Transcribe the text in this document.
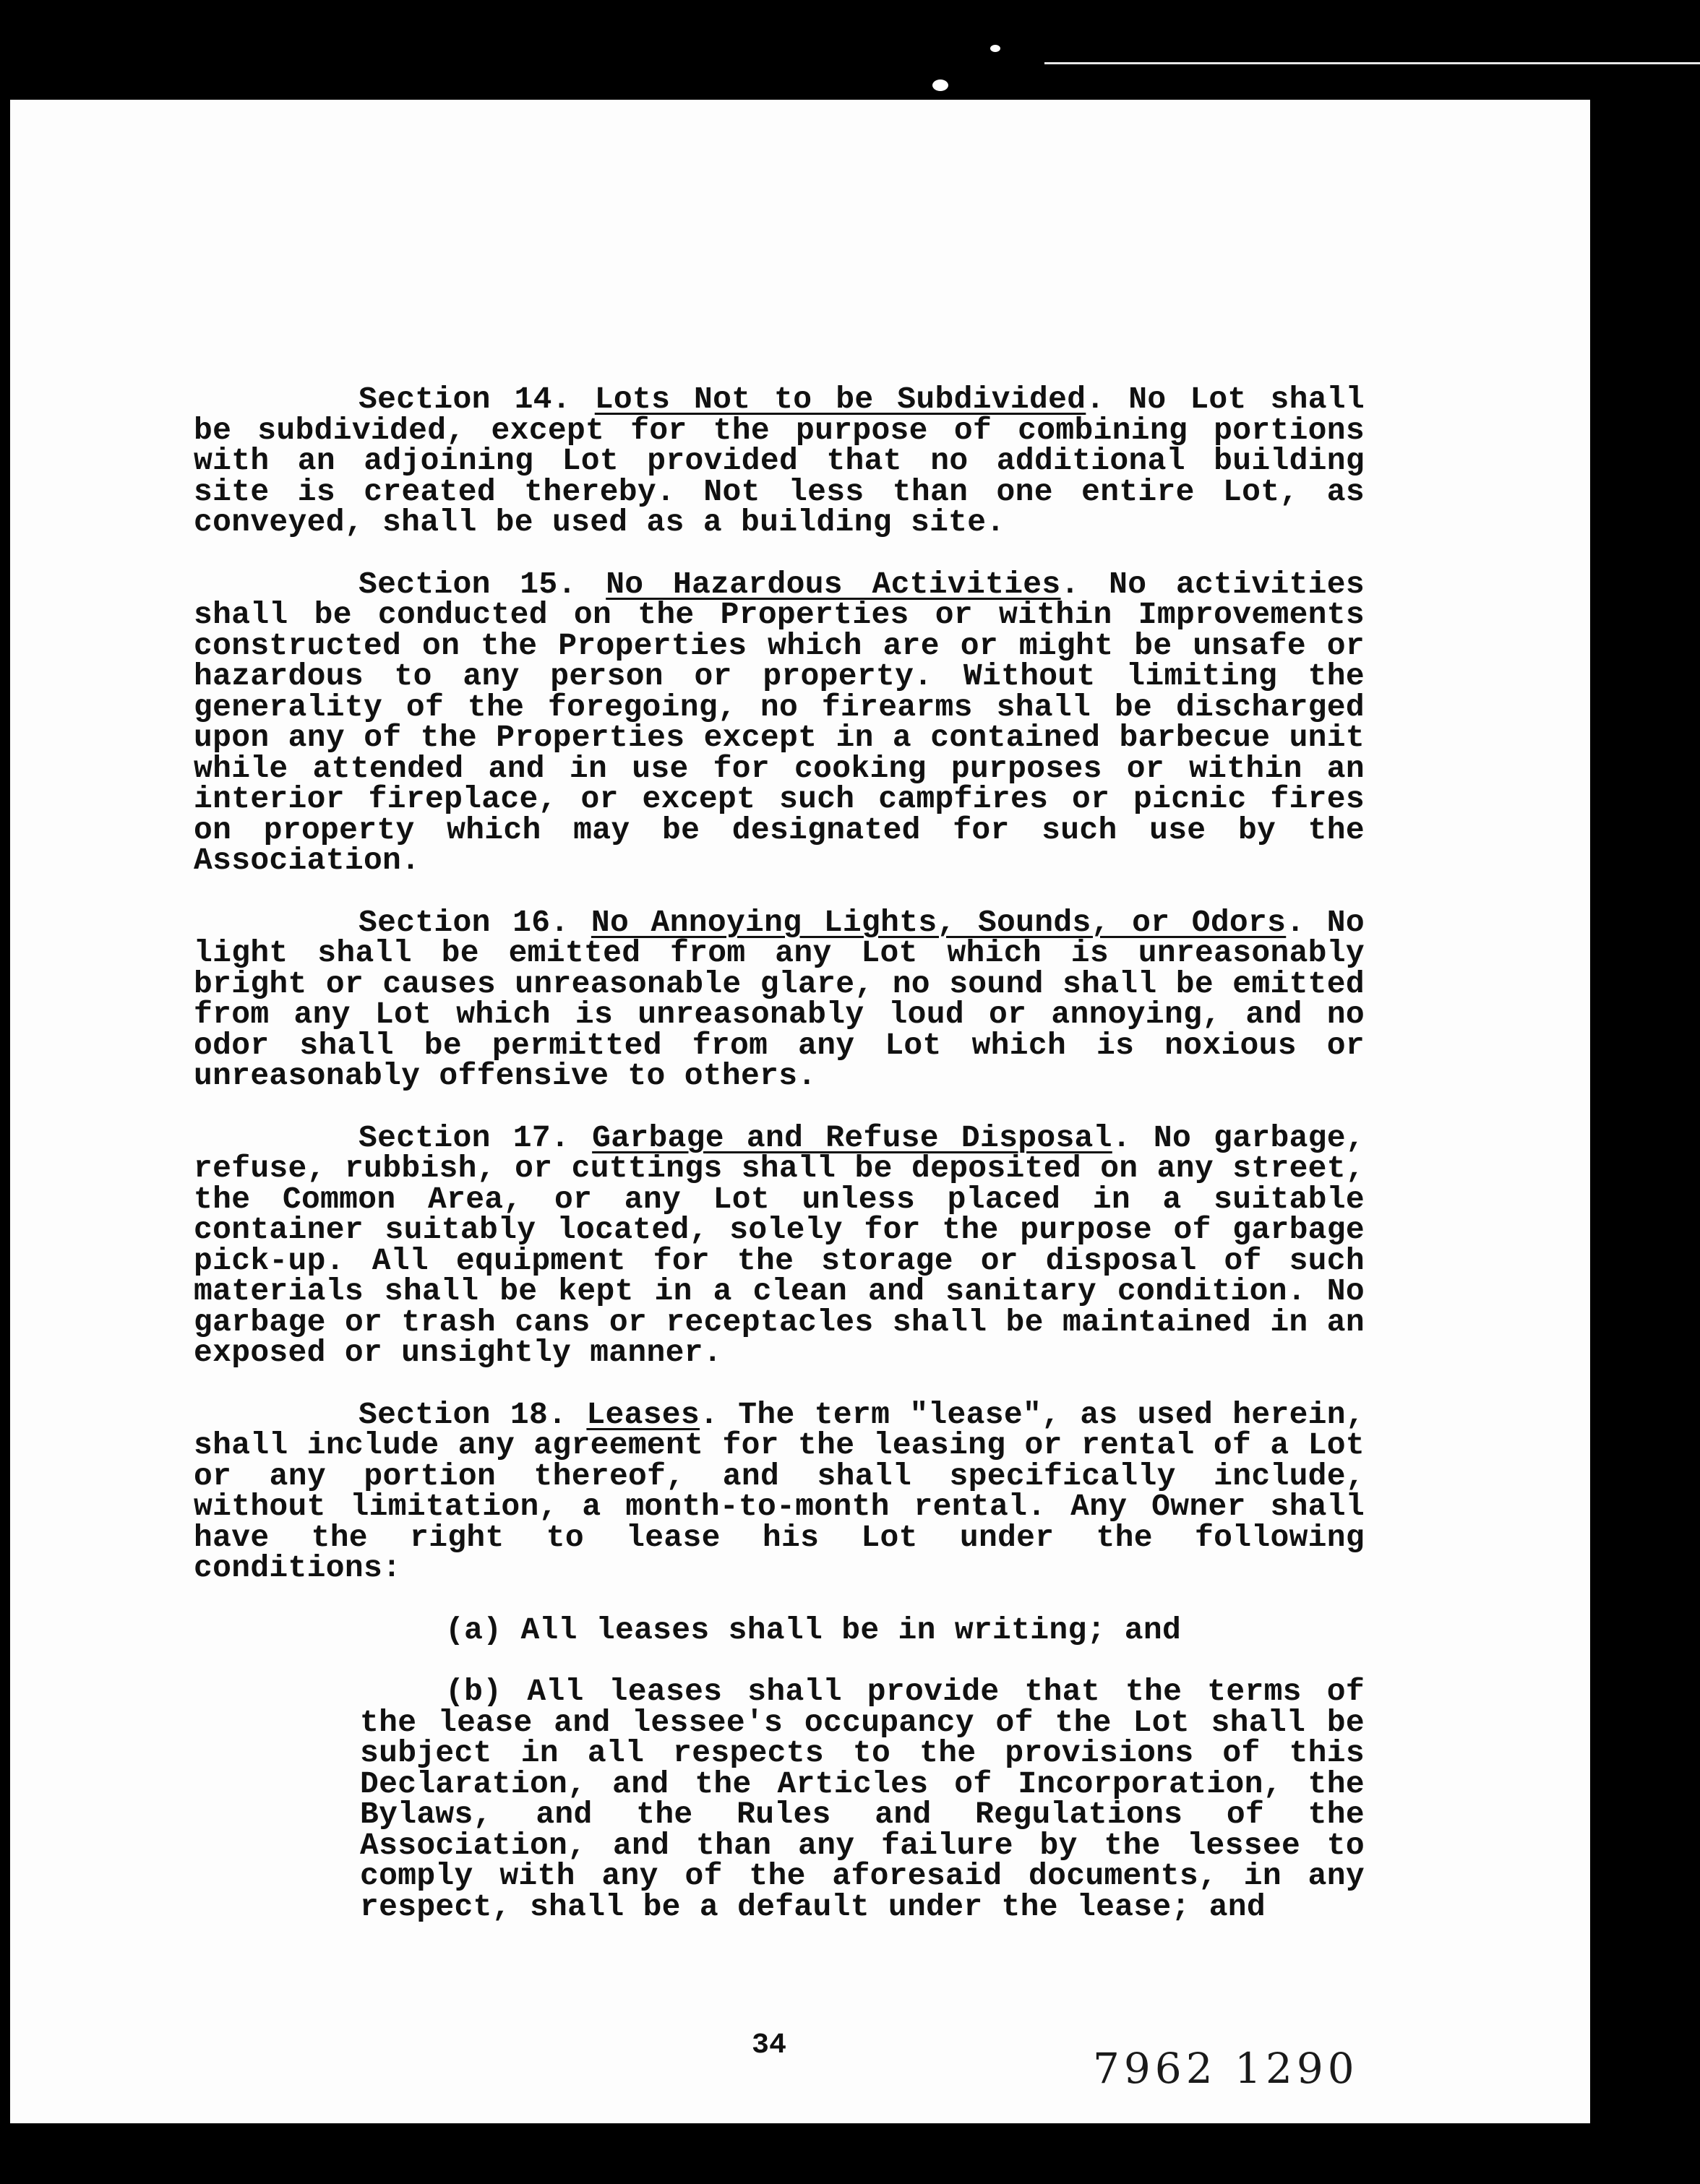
Section 14. Lots Not to be Subdivided. No Lot shall be subdivided, except for the purpose of combining portions with an adjoining Lot provided that no additional building site is created thereby. Not less than one entire Lot, as conveyed, shall be used as a building site.

Section 15. No Hazardous Activities. No activities shall be conducted on the Properties or within Improvements constructed on the Properties which are or might be unsafe or hazardous to any person or property. Without limiting the generality of the foregoing, no firearms shall be discharged upon any of the Properties except in a contained barbecue unit while attended and in use for cooking purposes or within an interior fireplace, or except such campfires or picnic fires on property which may be designated for such use by the Association.

Section 16. No Annoying Lights, Sounds, or Odors. No light shall be emitted from any Lot which is unreasonably bright or causes unreasonable glare, no sound shall be emitted from any Lot which is unreasonably loud or annoying, and no odor shall be permitted from any Lot which is noxious or unreasonably offensive to others.

Section 17. Garbage and Refuse Disposal. No garbage, refuse, rubbish, or cuttings shall be deposited on any street, the Common Area, or any Lot unless placed in a suitable container suitably located, solely for the purpose of garbage pick-up. All equipment for the storage or disposal of such materials shall be kept in a clean and sanitary condition. No garbage or trash cans or receptacles shall be maintained in an exposed or unsightly manner.

Section 18. Leases. The term "lease", as used herein, shall include any agreement for the leasing or rental of a Lot or any portion thereof, and shall specifically include, without limitation, a month-to-month rental. Any Owner shall have the right to lease his Lot under the following conditions:

(a) All leases shall be in writing; and

(b) All leases shall provide that the terms of the lease and lessee's occupancy of the Lot shall be subject in all respects to the provisions of this Declaration, and the Articles of Incorporation, the Bylaws, and the Rules and Regulations of the Association, and than any failure by the lessee to comply with any of the aforesaid documents, in any respect, shall be a default under the lease; and

34	7962 1290
